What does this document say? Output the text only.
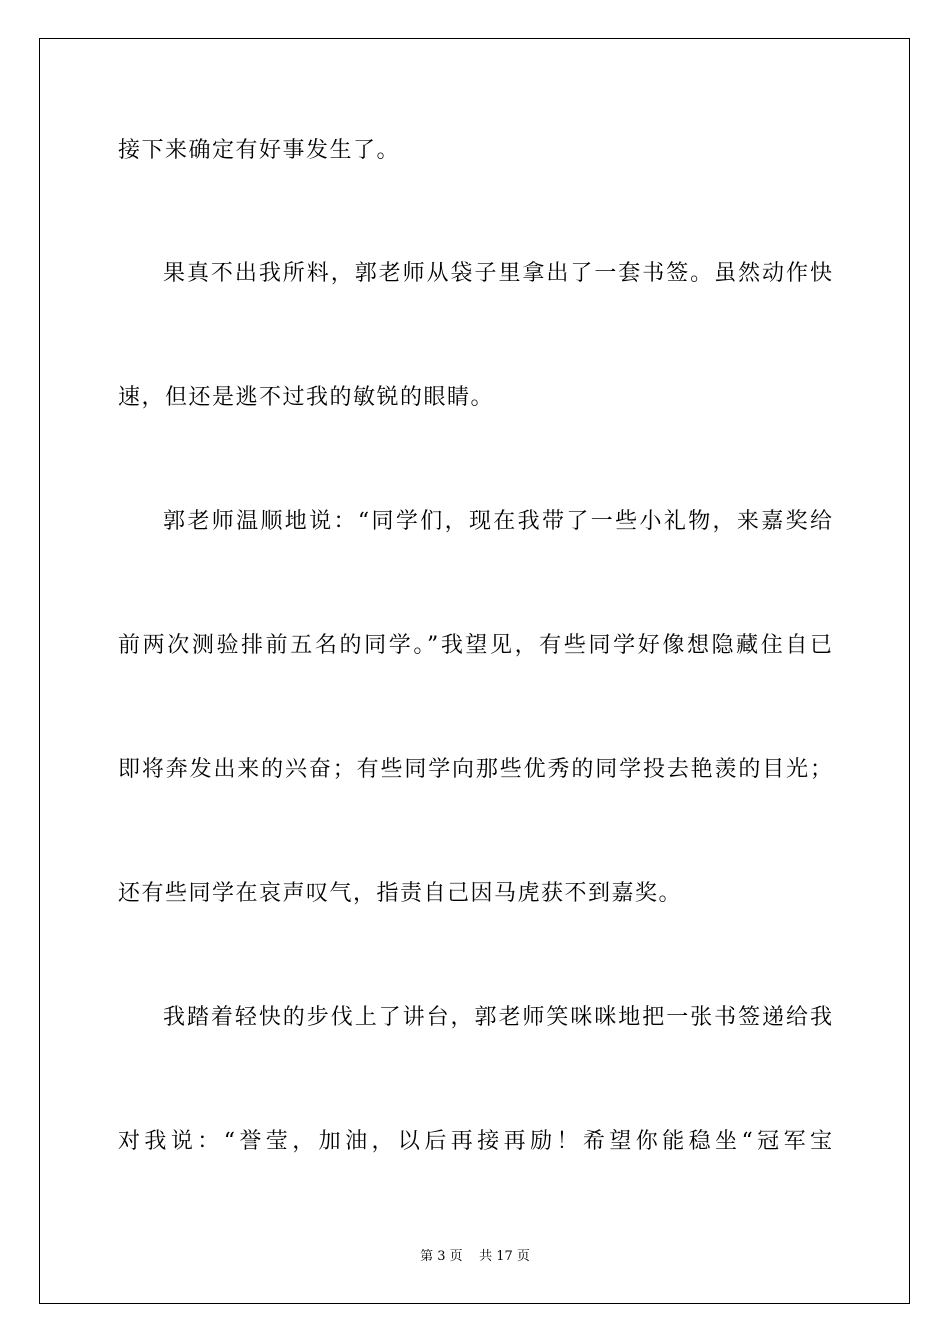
接下来确定有好事发生了。
果真不出我所料，郭老师从袋子里拿出了一套书签。虽然动作快
速，但还是逃不过我的敏锐的眼睛。
郭老师温顺地说：“同学们，现在我带了一些小礼物，来嘉奖给
前两次测验排前五名的同学。”我望见，有些同学好像想隐藏住自已
即将奔发出来的兴奋；有些同学向那些优秀的同学投去艳羡的目光；
还有些同学在哀声叹气，指责自己因马虎获不到嘉奖。
我踏着轻快的步伐上了讲台，郭老师笑咪咪地把一张书签递给我
对我说：“誉莹，加油，以后再接再励！希望你能稳坐“冠军宝
第 3 页    共 17 页
